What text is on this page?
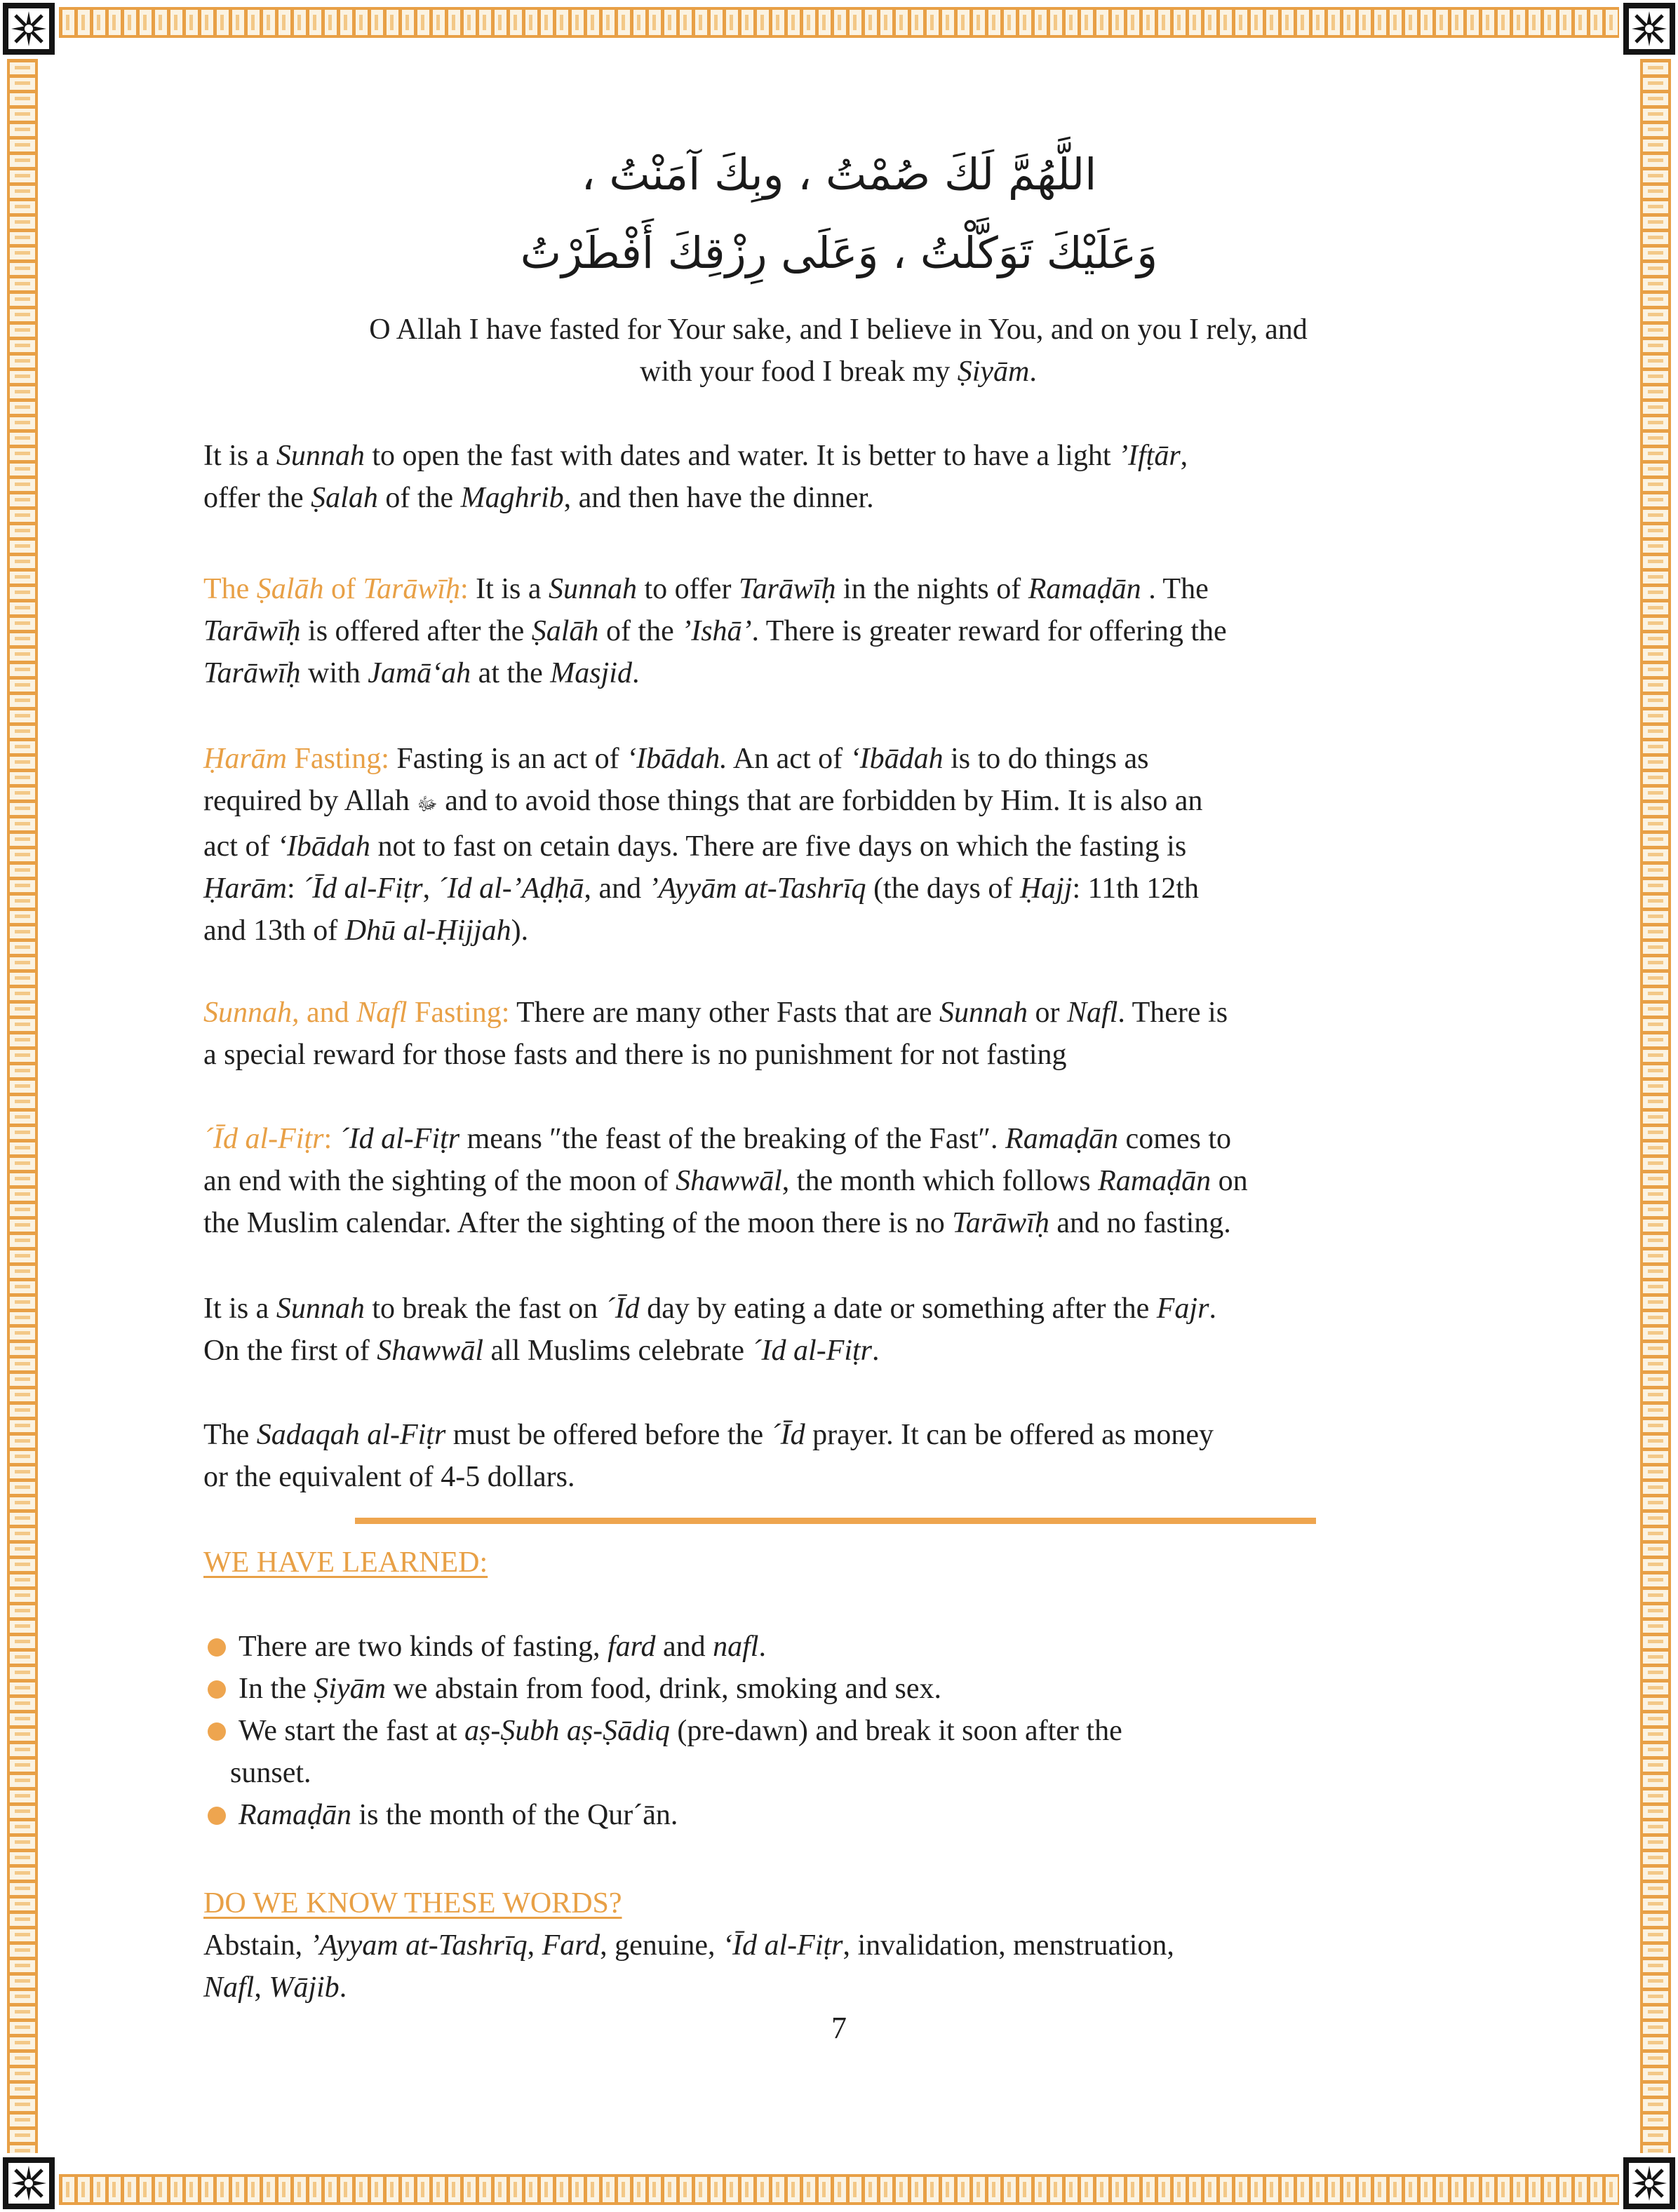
اللَّهُمَّ لَكَ صُمْتُ ، وبِكَ آمَنْتُ ،
وَعَلَيْكَ تَوَكَّلْتُ ، وَعَلَى رِزْقِكَ أَفْطَرْتُ

O Allah I have fasted for Your sake, and I believe in You, and on you I rely, and
with your food I break my Ṣiyām.

It is a Sunnah to open the fast with dates and water. It is better to have a light ’Ifṭār,
offer the Ṣalah of the Maghrib, and then have the dinner.

The Ṣalāh of Tarāwīḥ: It is a Sunnah to offer Tarāwīḥ in the nights of Ramaḍān . The
Tarāwīḥ is offered after the Ṣalāh of the ’Ishā’. There is greater reward for offering the
Tarāwīḥ with Jamā‘ah at the Masjid.

Ḥarām Fasting: Fasting is an act of ‘Ibādah. An act of ‘Ibādah is to do things as
required by Allah ﷻ and to avoid those things that are forbidden by Him. It is also an
act of ‘Ibādah not to fast on cetain days. There are five days on which the fasting is
Ḥarām: ´Īd al-Fiṭr, ´Id al-’Aḍḥā, and ’Ayyām at-Tashrīq (the days of Ḥajj: 11th 12th
and 13th of Dhū al-Ḥijjah).

Sunnah, and Nafl Fasting: There are many other Fasts that are Sunnah or Nafl. There is
a special reward for those fasts and there is no punishment for not fasting

´Īd al-Fiṭr: ´Id al-Fiṭr means ″the feast of the breaking of the Fast″. Ramaḍān comes to
an end with the sighting of the moon of Shawwāl, the month which follows Ramaḍān on
the Muslim calendar. After the sighting of the moon there is no Tarāwīḥ and no fasting.

It is a Sunnah to break the fast on ´Īd day by eating a date or something after the Fajr.
On the first of Shawwāl all Muslims celebrate ´Id al-Fiṭr.

The Sadaqah al-Fiṭr must be offered before the ´Īd prayer. It can be offered as money
or the equivalent of 4-5 dollars.

WE HAVE LEARNED:
There are two kinds of fasting, fard and nafl.
In the Ṣiyām we abstain from food, drink, smoking and sex.
We start the fast at aṣ-Ṣubh aṣ-Ṣādiq (pre-dawn) and break it soon after the
sunset.
Ramaḍān is the month of the Qur´ān.
DO WE KNOW THESE WORDS?

Abstain, ’Ayyam at-Tashrīq, Fard, genuine, ‘Īd al-Fiṭr, invalidation, menstruation,
Nafl, Wājib.

7
